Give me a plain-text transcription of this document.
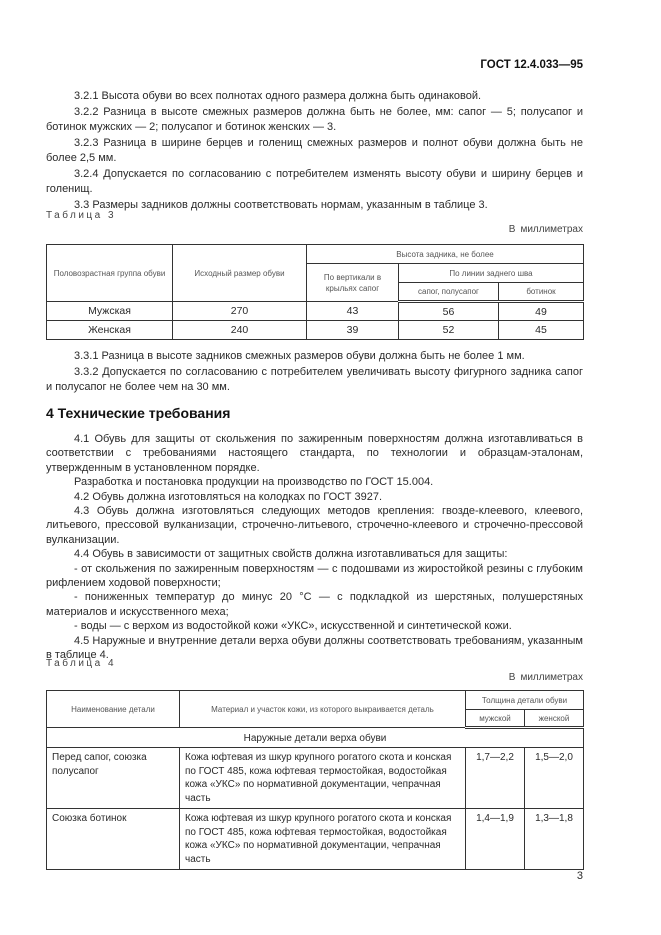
ГОСТ 12.4.033—95

3.2.1 Высота обуви во всех полнотах одного размера должна быть одинаковой.

3.2.2 Разница в высоте смежных размеров должна быть не более, мм: сапог — 5; полусапог и ботинок мужских — 2; полусапог и ботинок женских — 3.

3.2.3 Разница в ширине берцев и голенищ смежных размеров и полнот обуви должна быть не более 2,5 мм.

3.2.4 Допускается по согласованию с потребителем изменять высоту обуви и ширину берцев и голенищ.

3.3 Размеры задников должны соответствовать нормам, указанным в таблице 3.

Таблица 3
В миллиметрах
Половозрастная группа обуви	Исходный размер обуви	Высота задника, не более		
		По вертикали в крыльях сапог	По линии заднего шва	
			сапог, полусапог	ботинок
Мужская	270	43	56	49
Женская	240	39	52	45

3.3.1 Разница в высоте задников смежных размеров обуви должна быть не более 1 мм.

3.3.2 Допускается по согласованию с потребителем увеличивать высоту фигурного задника сапог и полусапог не более чем на 30 мм.

4 Технические требования

4.1 Обувь для защиты от скольжения по зажиренным поверхностям должна изготавливаться в соответствии с требованиями настоящего стандарта, по технологии и образцам-эталонам, утвержденным в установленном порядке.

Разработка и постановка продукции на производство по ГОСТ 15.004.

4.2 Обувь должна изготовляться на колодках по ГОСТ 3927.

4.3 Обувь должна изготовляться следующих методов крепления: гвозде-клеевого, клеевого, литьевого, прессовой вулканизации, строчечно-литьевого, строчечно-клеевого и строчечно-прессовой вулканизации.

4.4 Обувь в зависимости от защитных свойств должна изготавливаться для защиты:

- от скольжения по зажиренным поверхностям — с подошвами из жиростойкой резины с глубоким рифлением ходовой поверхности;

- пониженных температур до минус 20 °С — с подкладкой из шерстяных, полушерстяных материалов и искусственного меха;

- воды — с верхом из водостойкой кожи «УКС», искусственной и синтетической кожи.

4.5 Наружные и внутренние детали верха обуви должны соответствовать требованиям, указанным в таблице 4.

Таблица 4
В миллиметрах
Наименование детали	Материал и участок кожи, из которого выкраивается деталь	Толщина детали обуви	
		мужской	женской
Наружные детали верха обуви			
Перед сапог, союзка полусапог	Кожа юфтевая из шкур крупного рогатого скота и конская по ГОСТ 485, кожа юфтевая термостойкая, водостойкая кожа «УКС» по нормативной документации, чепрачная часть	1,7—2,2	1,5—2,0
Союзка ботинок	Кожа юфтевая из шкур крупного рогатого скота и конская по ГОСТ 485, кожа юфтевая термостойкая, водостойкая кожа «УКС» по нормативной документации, чепрачная часть	1,4—1,9	1,3—1,8
3
